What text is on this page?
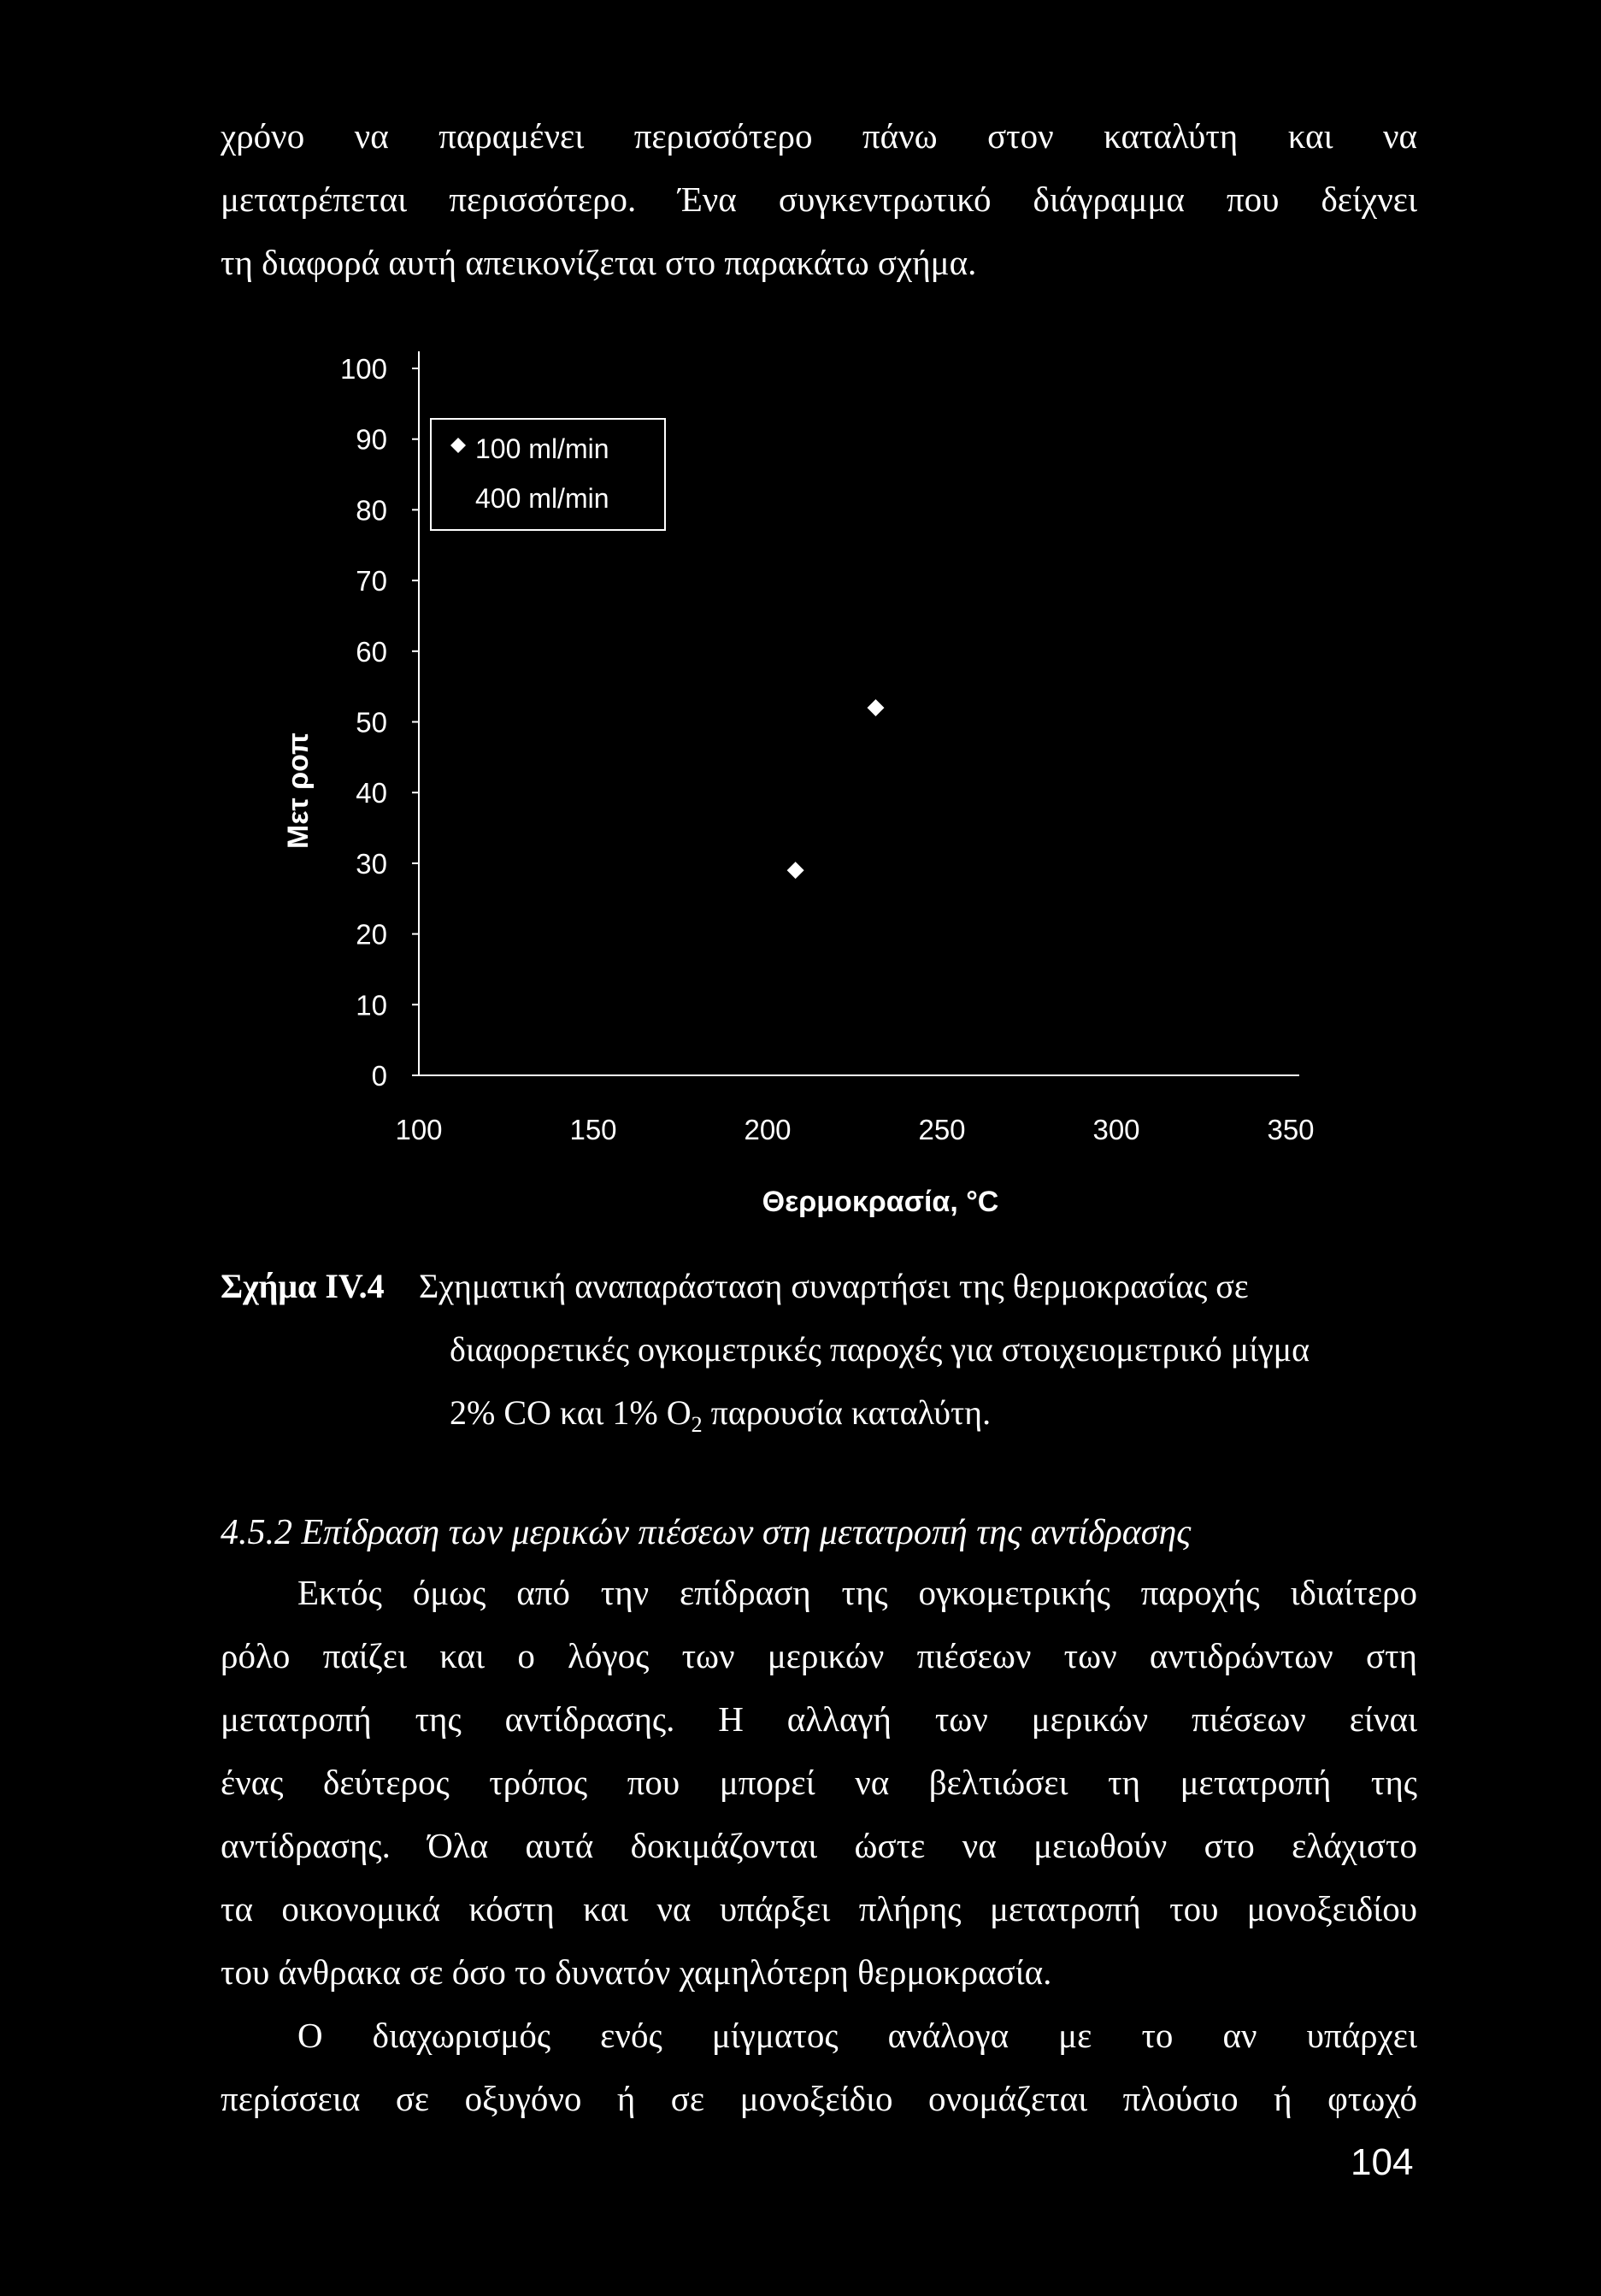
χρόνο να παραμένει περισσότερο πάνω στον καταλύτη και να
μετατρέπεται περισσότερο. Ένα συγκεντρωτικό διάγραμμα που δείχνει
τη διαφορά αυτή απεικονίζεται στο παρακάτω σχήμα.
0
10
20
30
40
50
60
70
80
90
100
100	150	200	250	300	350
100 ml/min
400 ml/min
Θερμοκρασία, °C
Μετ ροπ
Σχήμα IV.4	Σχηματική αναπαράσταση συναρτήσει της θερμοκρασίας σε
διαφορετικές ογκομετρικές παροχές για στοιχειομετρικό μίγμα
2% CO και 1% $O_2$ παρουσία καταλύτη.
4.5.2 Επίδραση των μερικών πιέσεων στη μετατροπή της αντίδρασης
Εκτός όμως από την επίδραση της ογκομετρικής παροχής ιδιαίτερο
ρόλο παίζει και ο λόγος των μερικών πιέσεων των αντιδρώντων στη
μετατροπή της αντίδρασης. Η αλλαγή των μερικών πιέσεων είναι
ένας δεύτερος τρόπος που μπορεί να βελτιώσει τη μετατροπή της
αντίδρασης. Όλα αυτά δοκιμάζονται ώστε να μειωθούν στο ελάχιστο
τα οικονομικά κόστη και να υπάρξει πλήρης μετατροπή του μονοξειδίου
του άνθρακα σε όσο το δυνατόν χαμηλότερη θερμοκρασία.
Ο διαχωρισμός ενός μίγματος ανάλογα με το αν υπάρχει
περίσσεια σε οξυγόνο ή σε μονοξείδιο ονομάζεται πλούσιο ή φτωχό
104
